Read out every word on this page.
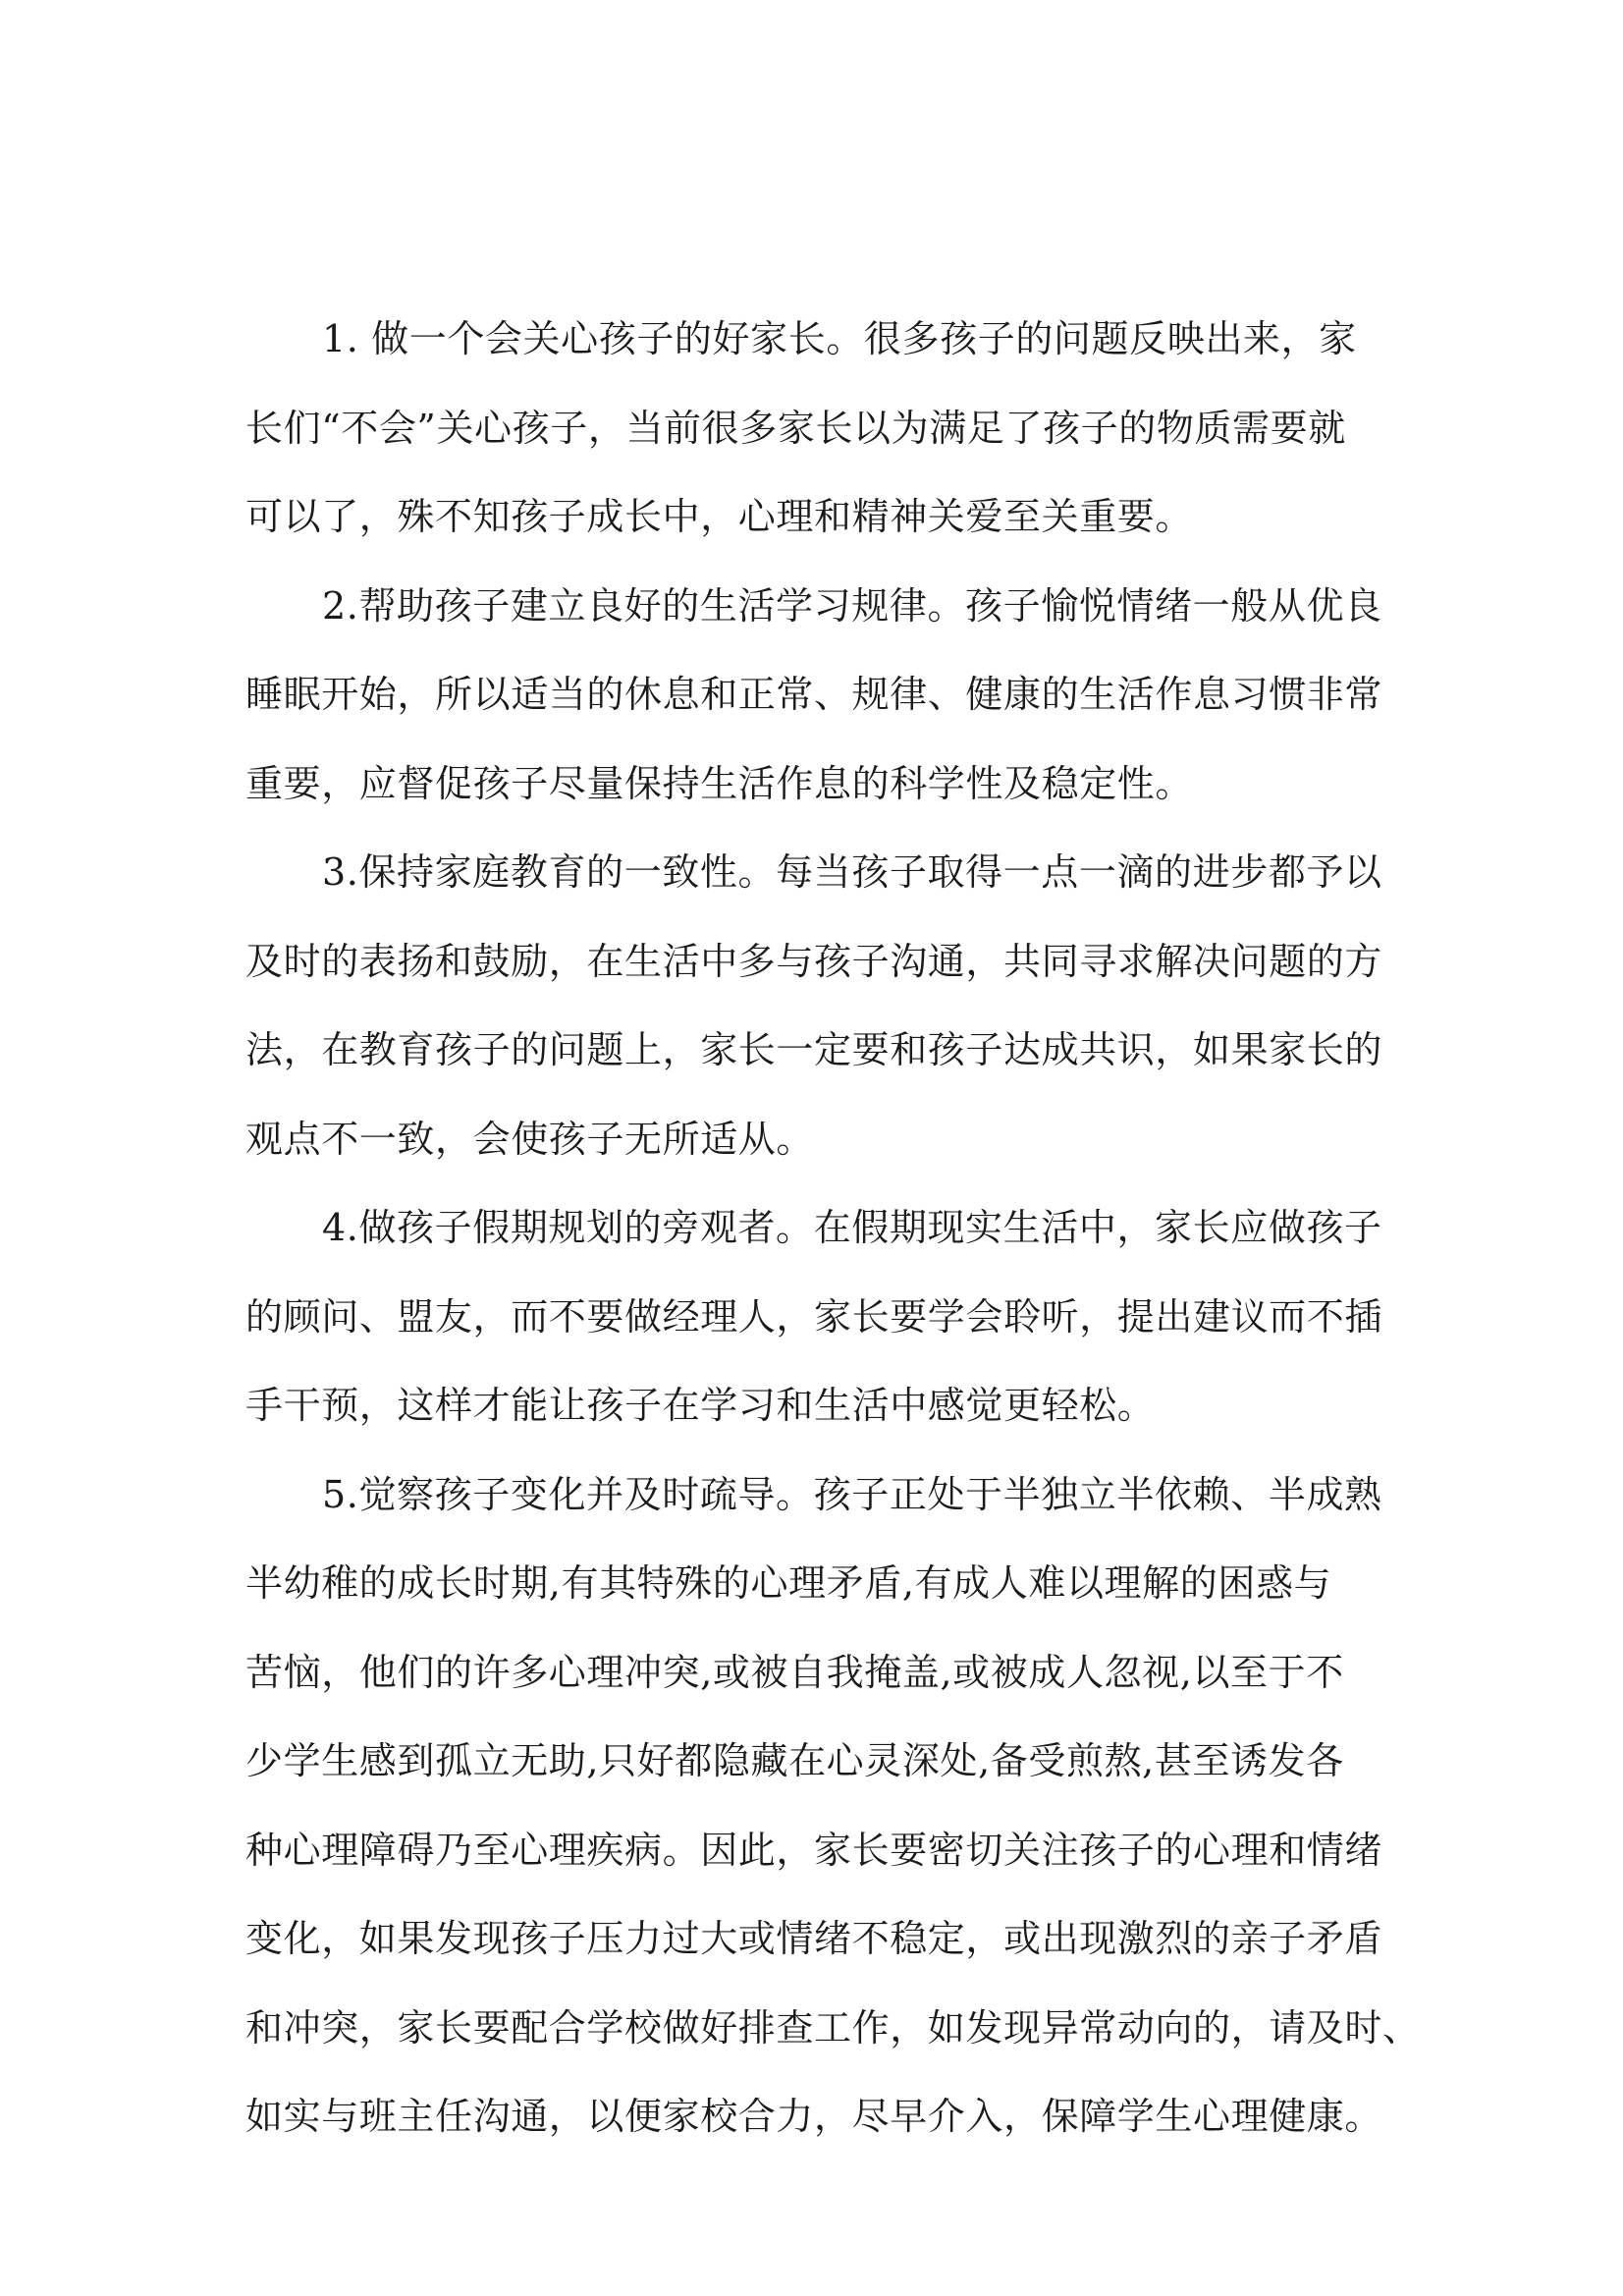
1. 做一个会关心孩子的好家长。很多孩子的问题反映出来，家
长们“不会”关心孩子，当前很多家长以为满足了孩子的物质需要就
可以了，殊不知孩子成长中，心理和精神关爱至关重要。

2.帮助孩子建立良好的生活学习规律。孩子愉悦情绪一般从优良
睡眠开始，所以适当的休息和正常、规律、健康的生活作息习惯非常
重要，应督促孩子尽量保持生活作息的科学性及稳定性。

3.保持家庭教育的一致性。每当孩子取得一点一滴的进步都予以
及时的表扬和鼓励，在生活中多与孩子沟通，共同寻求解决问题的方
法，在教育孩子的问题上，家长一定要和孩子达成共识，如果家长的
观点不一致，会使孩子无所适从。

4.做孩子假期规划的旁观者。在假期现实生活中，家长应做孩子
的顾问、盟友，而不要做经理人，家长要学会聆听，提出建议而不插
手干预，这样才能让孩子在学习和生活中感觉更轻松。

5.觉察孩子变化并及时疏导。孩子正处于半独立半依赖、半成熟
半幼稚的成长时期,有其特殊的心理矛盾,有成人难以理解的困惑与
苦恼，他们的许多心理冲突,或被自我掩盖,或被成人忽视,以至于不
少学生感到孤立无助,只好都隐藏在心灵深处,备受煎熬,甚至诱发各
种心理障碍乃至心理疾病。因此，家长要密切关注孩子的心理和情绪
变化，如果发现孩子压力过大或情绪不稳定，或出现激烈的亲子矛盾
和冲突，家长要配合学校做好排查工作，如发现异常动向的，请及时、
如实与班主任沟通，以便家校合力，尽早介入，保障学生心理健康。
